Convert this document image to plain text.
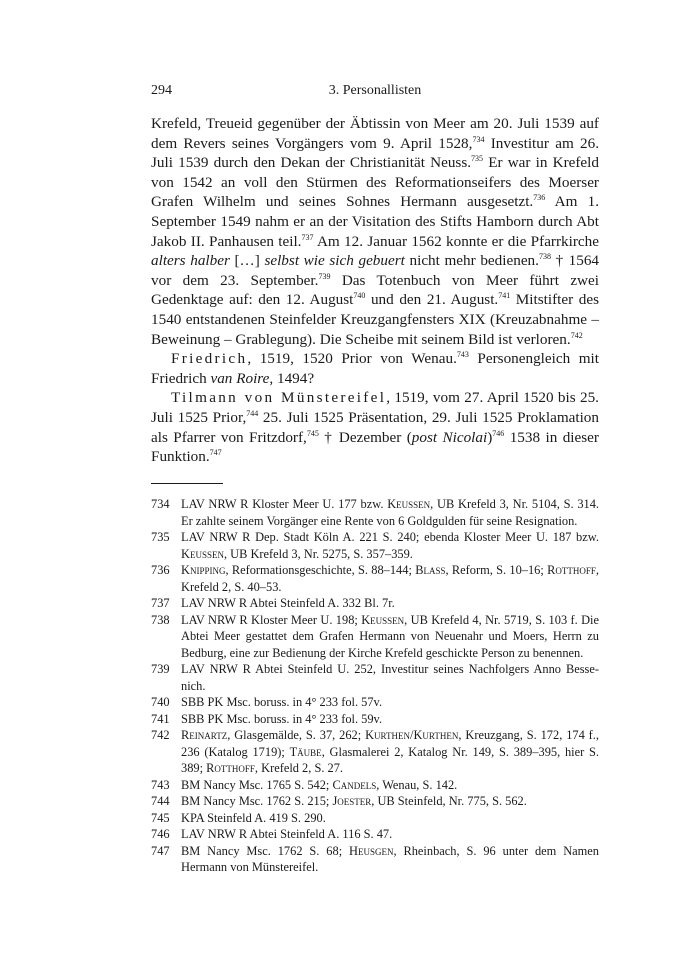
294	3. Personallisten

Krefeld, Treueid gegenüber der Äbtissin von Meer am 20. Juli 1539 auf dem Revers seines Vorgängers vom 9. April 1528,$^{734}$ Investitur am 26. Juli 1539 durch den Dekan der Christianität Neuss.$^{735}$ Er war in Krefeld von 1542 an voll den Stürmen des Reformationseifers des Moerser Grafen Wilhelm und seines Sohnes Hermann ausgesetzt.$^{736}$ Am 1. September 1549 nahm er an der Visitation des Stifts Hamborn durch Abt Jakob II. Panhausen teil.$^{737}$ Am 12. Januar 1562 konnte er die Pfarrkirche alters halber […] selbst wie sich gebuert nicht mehr bedienen.$^{738}$ † 1564 vor dem 23. September.$^{739}$ Das Totenbuch von Meer führt zwei Gedenktage auf: den 12. August$^{740}$ und den 21. August.$^{741}$ Mitstifter des 1540 entstandenen Steinfelder Kreuzgangfensters XIX (Kreuzabnahme – Beweinung – Grablegung). Die Scheibe mit seinem Bild ist verloren.$^{742}$

Friedrich, 1519, 1520 Prior von Wenau.$^{743}$ Personengleich mit Friedrich van Roire, 1494?

Tilmann von Münstereifel, 1519, vom 27. April 1520 bis 25. Juli 1525 Prior,$^{744}$ 25. Juli 1525 Präsentation, 29. Juli 1525 Proklamation als Pfarrer von Fritzdorf,$^{745}$ † Dezember (post Nicolai)$^{746}$ 1538 in dieser Funktion.$^{747}$

734 LAV NRW R Kloster Meer U. 177 bzw. Keussen, UB Krefeld 3, Nr. 5104, S. 314. Er zahlte seinem Vorgänger eine Rente von 6 Goldgulden für seine Resignation.
735 LAV NRW R Dep. Stadt Köln A. 221 S. 240; ebenda Kloster Meer U. 187 bzw. Keussen, UB Krefeld 3, Nr. 5275, S. 357–359.
736 Knipping, Reformationsgeschichte, S. 88–144; Blass, Reform, S. 10–16; Rotthoff, Krefeld 2, S. 40–53.
737 LAV NRW R Abtei Steinfeld A. 332 Bl. 7r.
738 LAV NRW R Kloster Meer U. 198; Keussen, UB Krefeld 4, Nr. 5719, S. 103 f. Die Abtei Meer gestattet dem Grafen Hermann von Neuenahr und Moers, Herrn zu Bedburg, eine zur Bedienung der Kirche Krefeld geschickte Person zu benennen.
739 LAV NRW R Abtei Steinfeld U. 252, Investitur seines Nachfolgers Anno Besse-nich.
740 SBB PK Msc. boruss. in 4° 233 fol. 57v.
741 SBB PK Msc. boruss. in 4° 233 fol. 59v.
742 Reinartz, Glasgemälde, S. 37, 262; Kurthen/Kurthen, Kreuzgang, S. 172, 174 f., 236 (Katalog 1719); Täube, Glasmalerei 2, Katalog Nr. 149, S. 389–395, hier S. 389; Rotthoff, Krefeld 2, S. 27.
743 BM Nancy Msc. 1765 S. 542; Candels, Wenau, S. 142.
744 BM Nancy Msc. 1762 S. 215; Joester, UB Steinfeld, Nr. 775, S. 562.
745 KPA Steinfeld A. 419 S. 290.
746 LAV NRW R Abtei Steinfeld A. 116 S. 47.
747 BM Nancy Msc. 1762 S. 68; Heusgen, Rheinbach, S. 96 unter dem Namen Hermann von Münstereifel.
